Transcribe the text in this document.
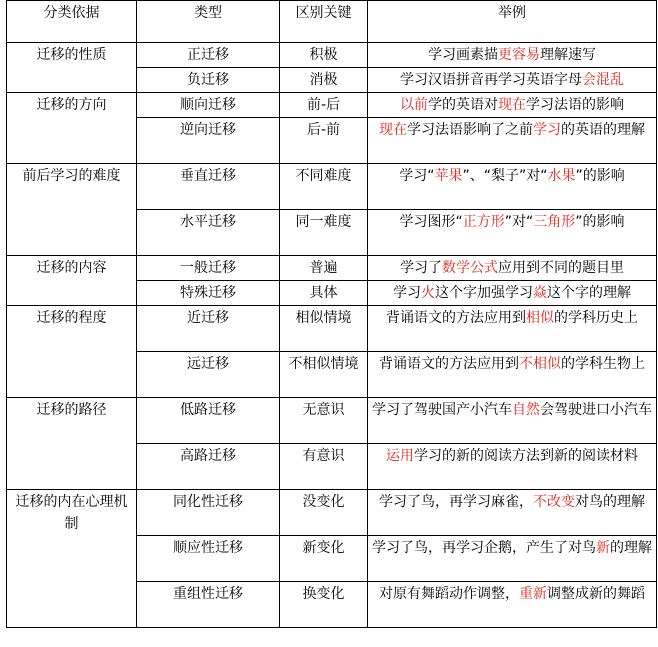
分类依据	类型	区别关键	举例
迁移的性质	正迁移	积极	学习画素描更容易理解速写
	负迁移	消极	学习汉语拼音再学习英语字母会混乱
迁移的方向	顺向迁移	前-后	以前学的英语对现在学习法语的影响
	逆向迁移	后-前	现在学习法语影响了之前学习的英语的理解
前后学习的难度	垂直迁移	不同难度	学习“苹果”、“梨子”对“水果”的影响
	水平迁移	同一难度	学习图形“正方形”对“三角形”的影响
迁移的内容	一般迁移	普遍	学习了数学公式应用到不同的题目里
	特殊迁移	具体	学习火这个字加强学习焱这个字的理解
迁移的程度	近迁移	相似情境	背诵语文的方法应用到相似的学科历史上
	远迁移	不相似情境	背诵语文的方法应用到不相似的学科生物上
迁移的路径	低路迁移	无意识	学习了驾驶国产小汽车自然会驾驶进口小汽车
	高路迁移	有意识	运用学习的新的阅读方法到新的阅读材料
迁移的内在心理机制	同化性迁移	没变化	学习了鸟，再学习麻雀，不改变对鸟的理解
	顺应性迁移	新变化	学习了鸟，再学习企鹅，产生了对鸟新的理解
	重组性迁移	换变化	对原有舞蹈动作调整，重新调整成新的舞蹈
